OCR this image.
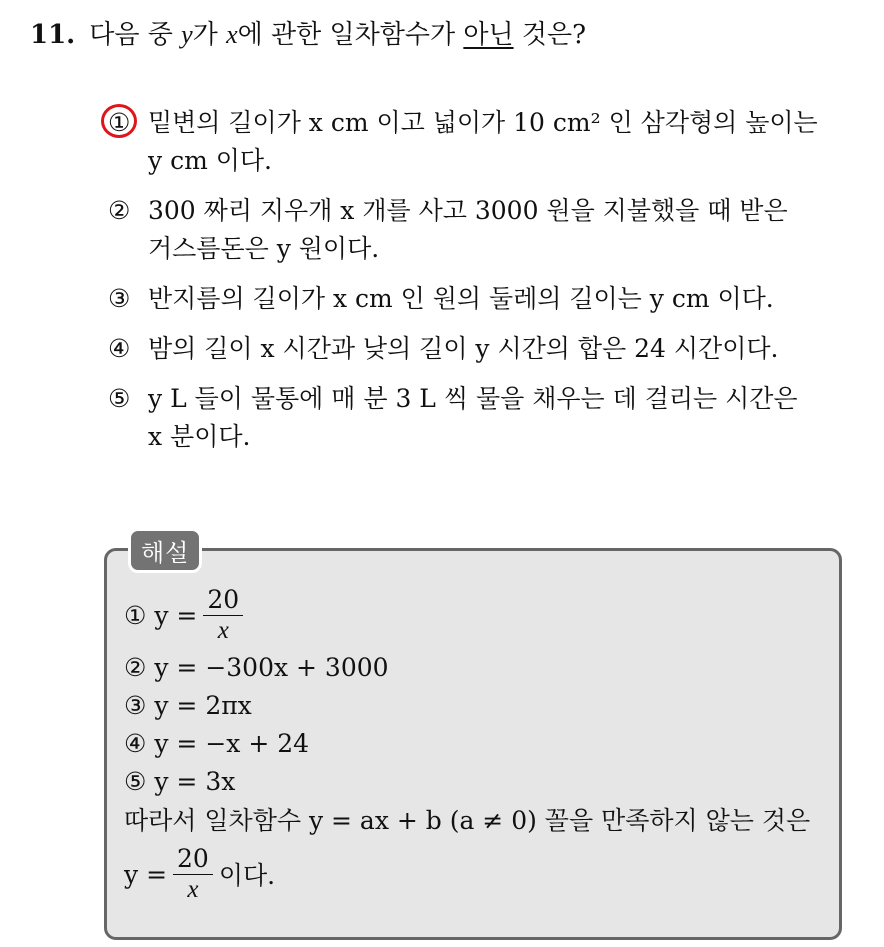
11. 다음 중 y가 x에 관한 일차함수가 아닌 것은?
① 밑변의 길이가 x cm 이고 넓이가 10 cm² 인 삼각형의 높이는
y cm 이다.
② 300 짜리 지우개 x 개를 사고 3000 원을 지불했을 때 받은
거스름돈은 y 원이다.
③ 반지름의 길이가 x cm 인 원의 둘레의 길이는 y cm 이다.
④ 밤의 길이 x 시간과 낮의 길이 y 시간의 합은 24 시간이다.
⑤ y L 들이 물통에 매 분 3 L 씩 물을 채우는 데 걸리는 시간은
x 분이다.
해설
① $y = \frac{20}{x}$
② y = −300x + 3000
③ y = 2πx
④ y = −x + 24
⑤ y = 3x
따라서 일차함수 y = ax + b (a ≠ 0) 꼴을 만족하지 않는 것은
$y = \frac{20}{x}$ 이다.
